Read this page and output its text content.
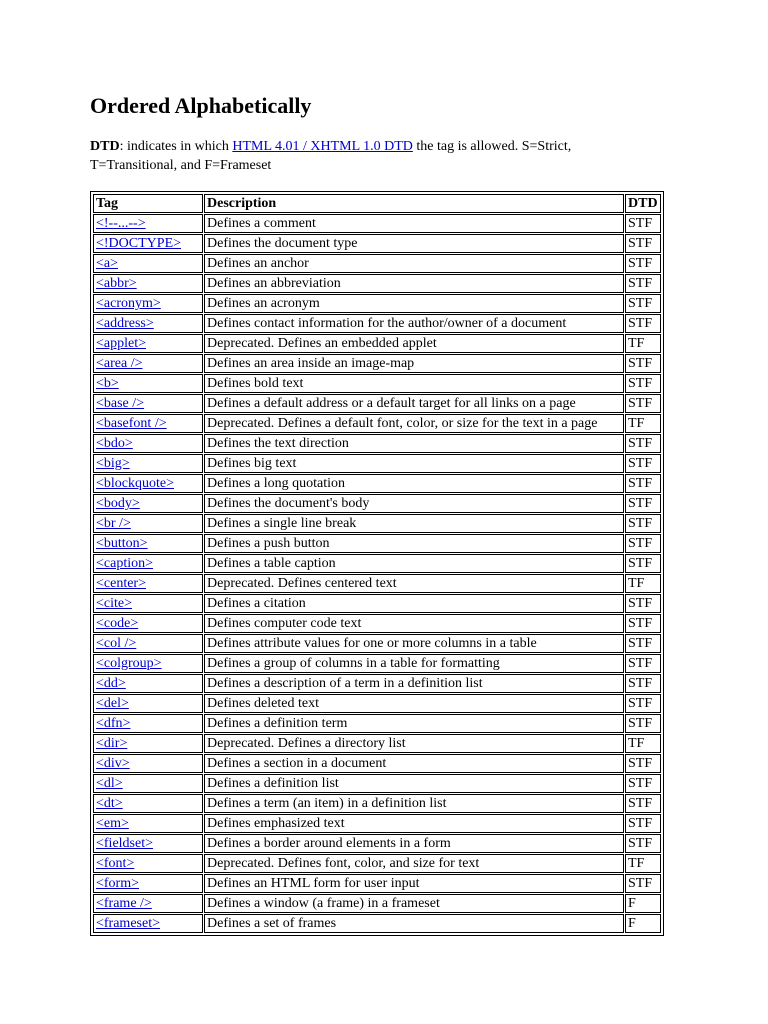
Ordered Alphabetically

DTD: indicates in which HTML 4.01 / XHTML 1.0 DTD the tag is allowed. S=Strict, T=Transitional, and F=Frameset

Tag	Description	DTD
<!--...-->	Defines a comment	STF
<!DOCTYPE>	Defines the document type	STF
<a>	Defines an anchor	STF
<abbr>	Defines an abbreviation	STF
<acronym>	Defines an acronym	STF
<address>	Defines contact information for the author/owner of a document	STF
<applet>	Deprecated. Defines an embedded applet	TF
<area />	Defines an area inside an image-map	STF
<b>	Defines bold text	STF
<base />	Defines a default address or a default target for all links on a page	STF
<basefont />	Deprecated. Defines a default font, color, or size for the text in a page	TF
<bdo>	Defines the text direction	STF
<big>	Defines big text	STF
<blockquote>	Defines a long quotation	STF
<body>	Defines the document's body	STF
<br />	Defines a single line break	STF
<button>	Defines a push button	STF
<caption>	Defines a table caption	STF
<center>	Deprecated. Defines centered text	TF
<cite>	Defines a citation	STF
<code>	Defines computer code text	STF
<col />	Defines attribute values for one or more columns in a table	STF
<colgroup>	Defines a group of columns in a table for formatting	STF
<dd>	Defines a description of a term in a definition list	STF
<del>	Defines deleted text	STF
<dfn>	Defines a definition term	STF
<dir>	Deprecated. Defines a directory list	TF
<div>	Defines a section in a document	STF
<dl>	Defines a definition list	STF
<dt>	Defines a term (an item) in a definition list	STF
<em>	Defines emphasized text	STF
<fieldset>	Defines a border around elements in a form	STF
<font>	Deprecated. Defines font, color, and size for text	TF
<form>	Defines an HTML form for user input	STF
<frame />	Defines a window (a frame) in a frameset	F
<frameset>	Defines a set of frames	F
